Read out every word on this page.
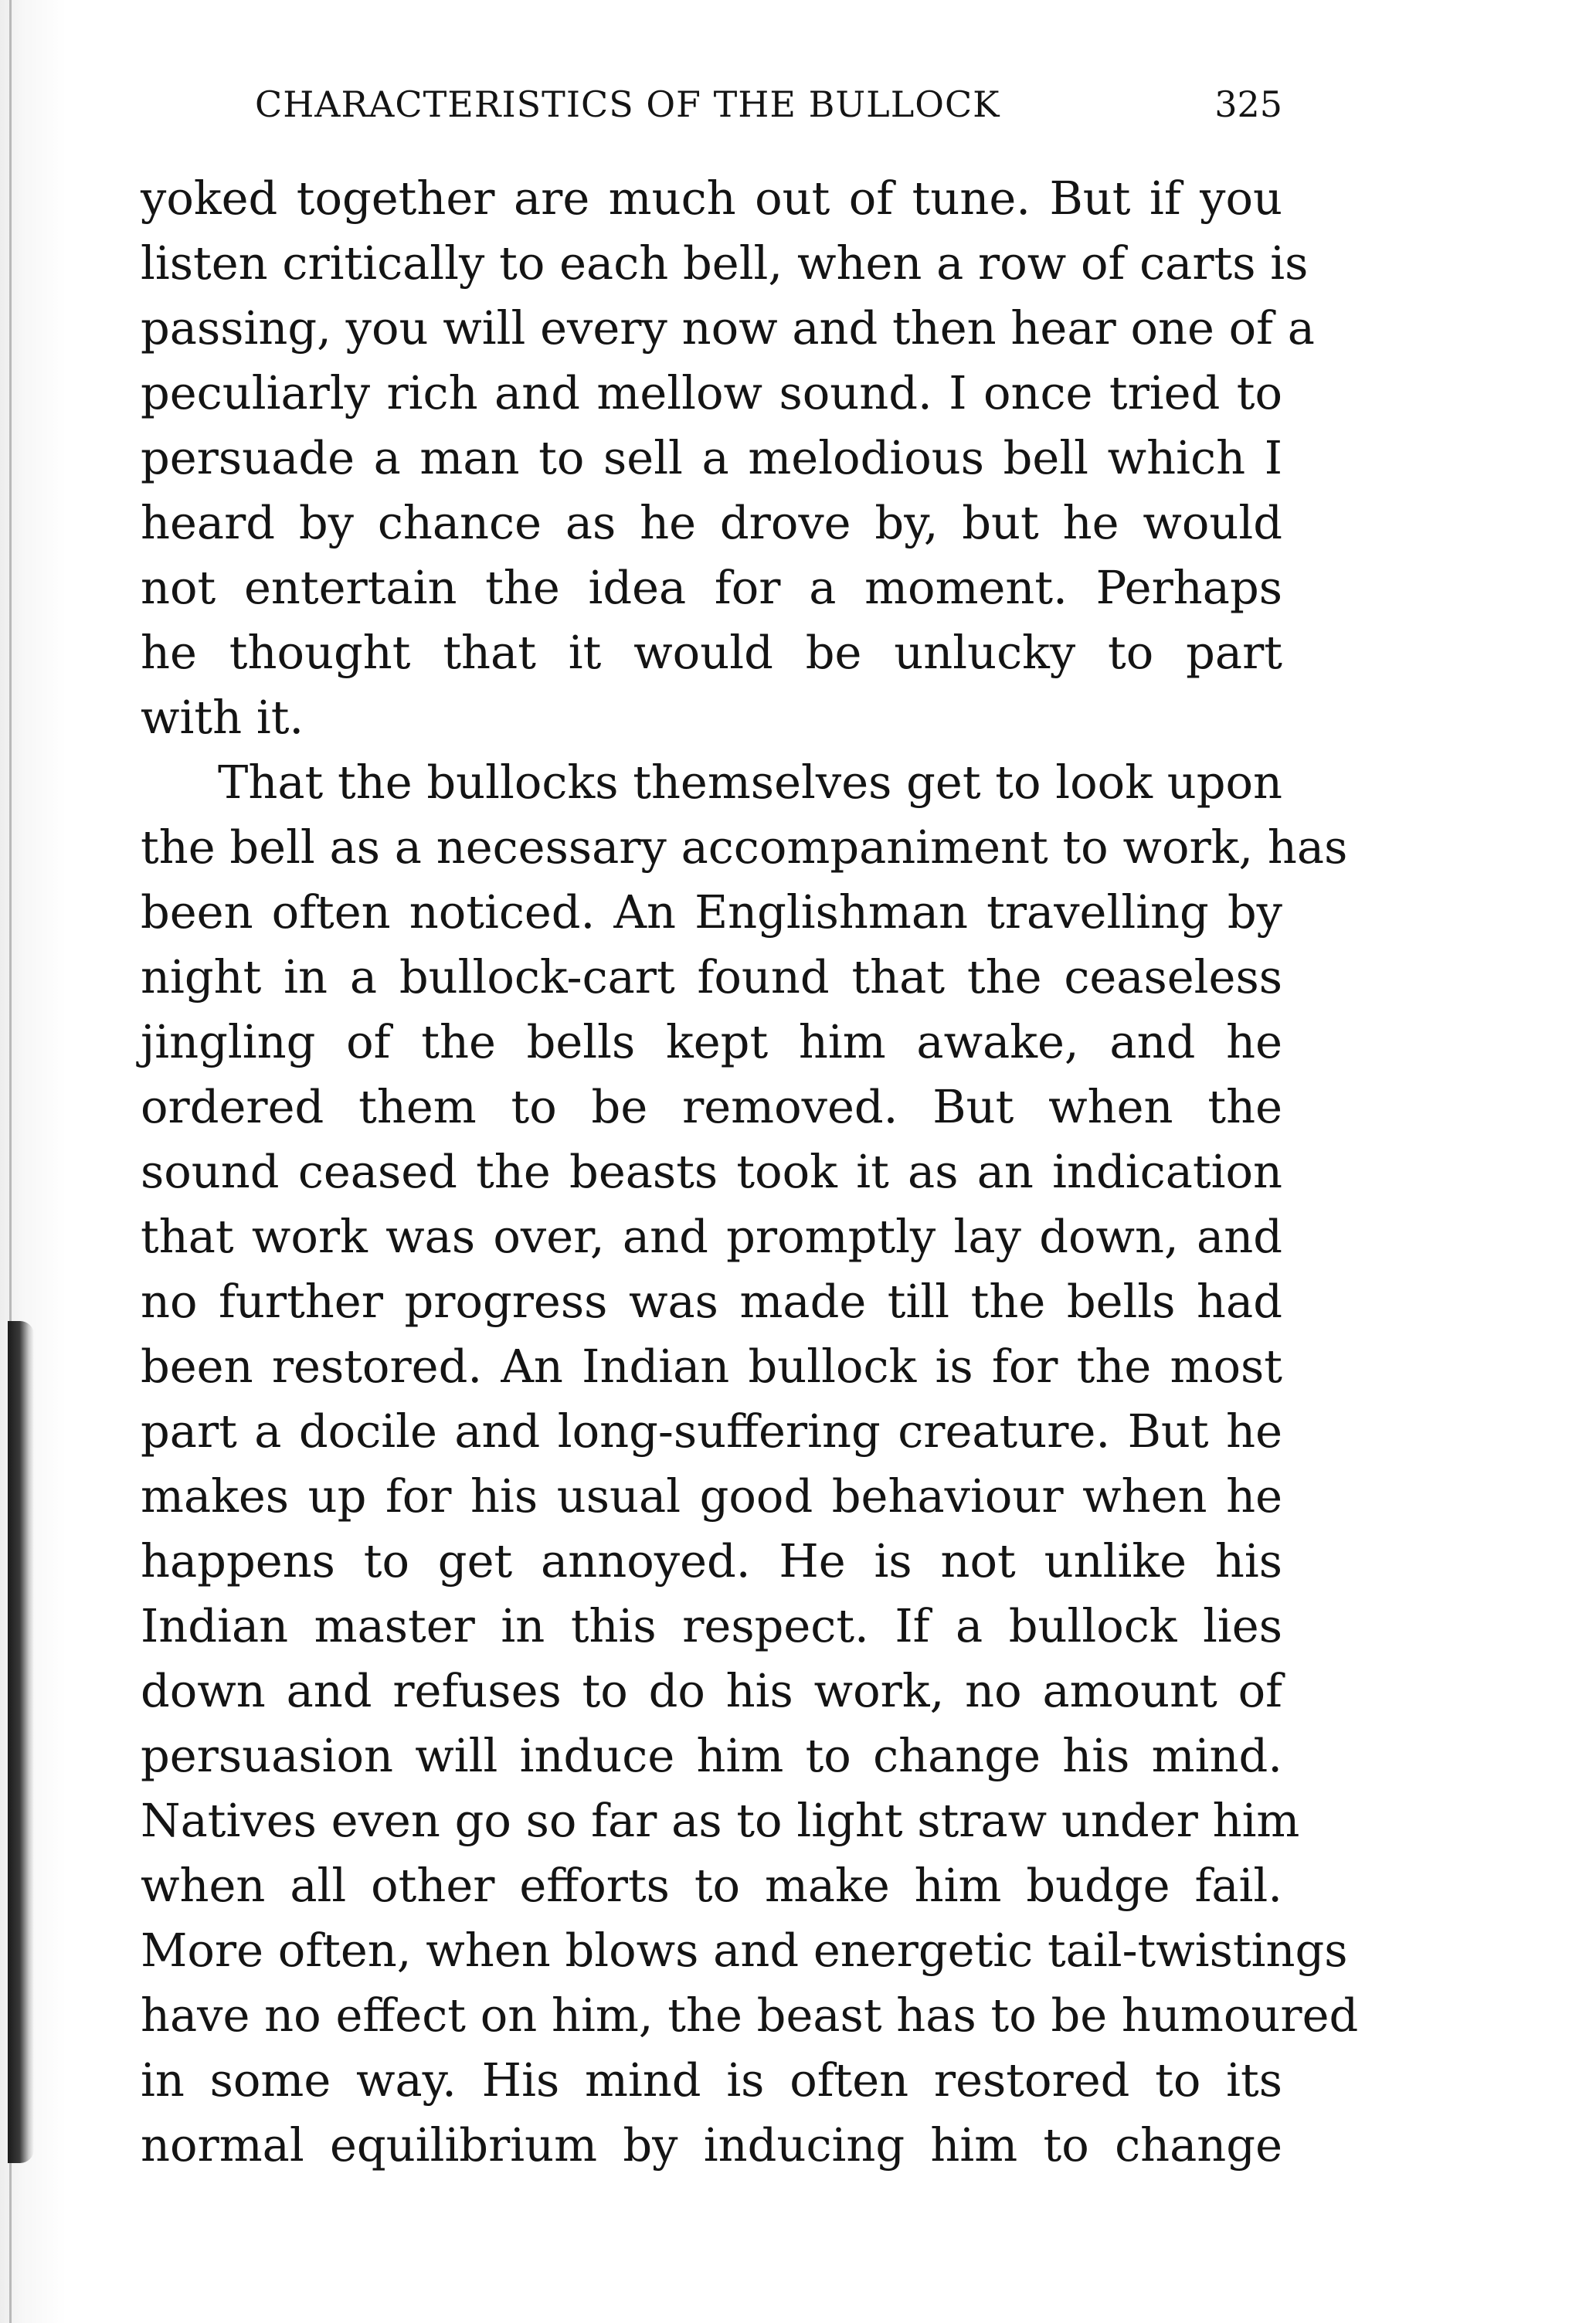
CHARACTERISTICS OF THE BULLOCK	325
yoked together are much out of tune. But if you
listen critically to each bell, when a row of carts is
passing, you will every now and then hear one of a
peculiarly rich and mellow sound. I once tried to
persuade a man to sell a melodious bell which I
heard by chance as he drove by, but he would
not entertain the idea for a moment. Perhaps
he thought that it would be unlucky to part
with it.
That the bullocks themselves get to look upon
the bell as a necessary accompaniment to work, has
been often noticed. An Englishman travelling by
night in a bullock-cart found that the ceaseless
jingling of the bells kept him awake, and he
ordered them to be removed. But when the
sound ceased the beasts took it as an indication
that work was over, and promptly lay down, and
no further progress was made till the bells had
been restored. An Indian bullock is for the most
part a docile and long-suffering creature. But he
makes up for his usual good behaviour when he
happens to get annoyed. He is not unlike his
Indian master in this respect. If a bullock lies
down and refuses to do his work, no amount of
persuasion will induce him to change his mind.
Natives even go so far as to light straw under him
when all other efforts to make him budge fail.
More often, when blows and energetic tail-twistings
have no effect on him, the beast has to be humoured
in some way. His mind is often restored to its
normal equilibrium by inducing him to change
